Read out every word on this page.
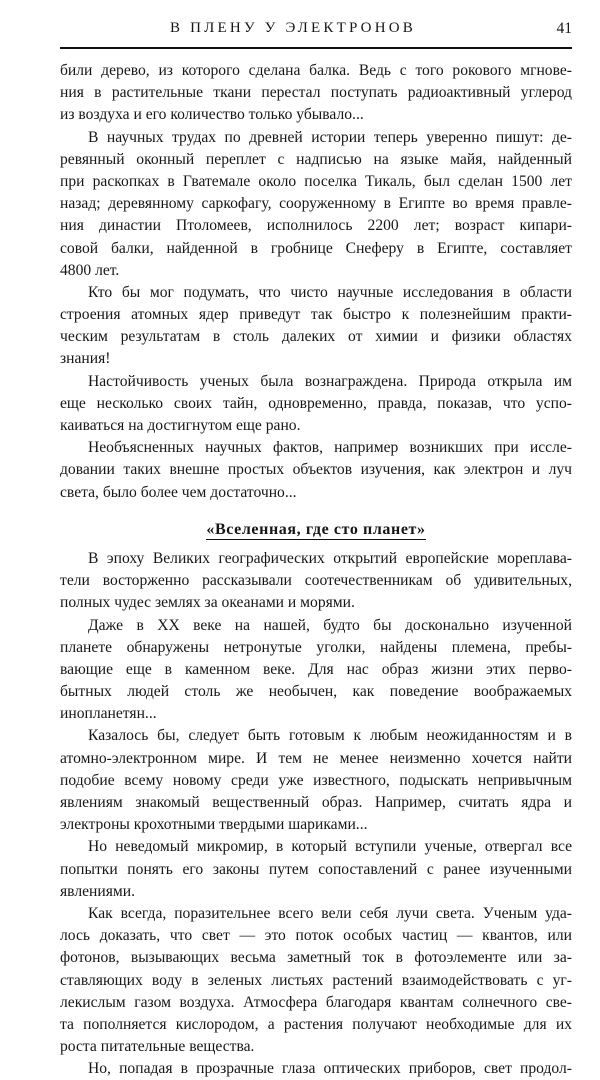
В ПЛЕНУ У ЭЛЕКТРОНОВ	41
били дерево, из которого сделана балка. Ведь с того рокового мгнове-
ния в растительные ткани перестал поступать радиоактивный углерод
из воздуха и его количество только убывало...
В научных трудах по древней истории теперь уверенно пишут: де-
ревянный оконный переплет с надписью на языке майя, найденный
при раскопках в Гватемале около поселка Тикаль, был сделан 1500 лет
назад; деревянному саркофагу, сооруженному в Египте во время правле-
ния династии Птоломеев, исполнилось 2200 лет; возраст кипари-
совой балки, найденной в гробнице Снеферу в Египте, составляет
4800 лет.
Кто бы мог подумать, что чисто научные исследования в области
строения атомных ядер приведут так быстро к полезнейшим практи-
ческим результатам в столь далеких от химии и физики областях
знания!
Настойчивость ученых была вознаграждена. Природа открыла им
еще несколько своих тайн, одновременно, правда, показав, что успо-
каиваться на достигнутом еще рано.
Необъясненных научных фактов, например возникших при иссле-
довании таких внешне простых объектов изучения, как электрон и луч
света, было более чем достаточно...
«Вселенная, где сто планет»
В эпоху Великих географических открытий европейские мореплава-
тели восторженно рассказывали соотечественникам об удивительных,
полных чудес землях за океанами и морями.
Даже в XX веке на нашей, будто бы досконально изученной
планете обнаружены нетронутые уголки, найдены племена, пребы-
вающие еще в каменном веке. Для нас образ жизни этих перво-
бытных людей столь же необычен, как поведение воображаемых
инопланетян...
Казалось бы, следует быть готовым к любым неожиданностям и в
атомно-электронном мире. И тем не менее неизменно хочется найти
подобие всему новому среди уже известного, подыскать непривычным
явлениям знакомый вещественный образ. Например, считать ядра и
электроны крохотными твердыми шариками...
Но неведомый микромир, в который вступили ученые, отвергал все
попытки понять его законы путем сопоставлений с ранее изученными
явлениями.
Как всегда, поразительнее всего вели себя лучи света. Ученым уда-
лось доказать, что свет — это поток особых частиц — квантов, или
фотонов, вызывающих весьма заметный ток в фотоэлементе или за-
ставляющих воду в зеленых листьях растений взаимодействовать с уг-
лекислым газом воздуха. Атмосфера благодаря квантам солнечного све-
та пополняется кислородом, а растения получают необходимые для их
роста питательные вещества.
Но, попадая в прозрачные глаза оптических приборов, свет продол-
